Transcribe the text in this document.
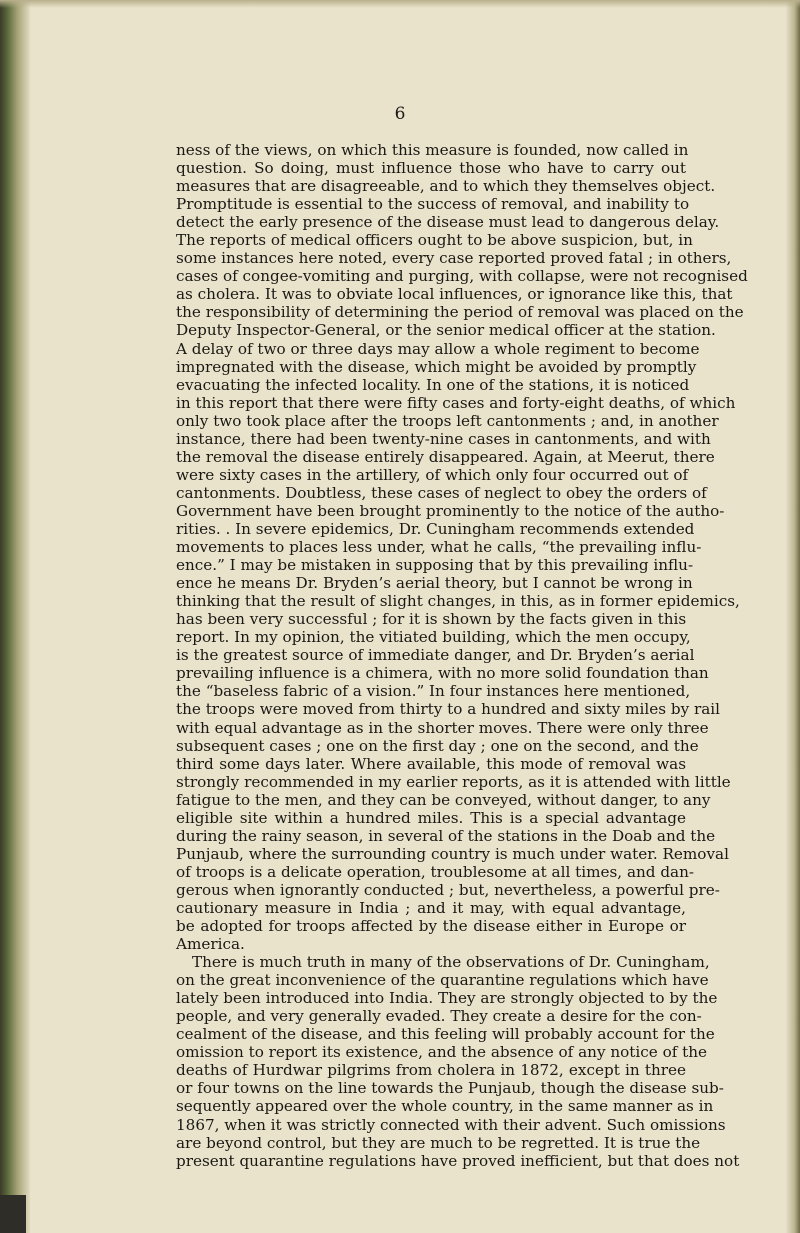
6
ness of the views, on which this measure is founded, now called in
question. So doing, must influence those who have to carry out
measures that are disagreeable, and to which they themselves object.
Promptitude is essential to the success of removal, and inability to
detect the early presence of the disease must lead to dangerous delay.
The reports of medical officers ought to be above suspicion, but, in
some instances here noted, every case reported proved fatal ; in others,
cases of congee-vomiting and purging, with collapse, were not recognised
as cholera. It was to obviate local influences, or ignorance like this, that
the responsibility of determining the period of removal was placed on the
Deputy Inspector-General, or the senior medical officer at the station.
A delay of two or three days may allow a whole regiment to become
impregnated with the disease, which might be avoided by promptly
evacuating the infected locality. In one of the stations, it is noticed
in this report that there were fifty cases and forty-eight deaths, of which
only two took place after the troops left cantonments ; and, in another
instance, there had been twenty-nine cases in cantonments, and with
the removal the disease entirely disappeared. Again, at Meerut, there
were sixty cases in the artillery, of which only four occurred out of
cantonments. Doubtless, these cases of neglect to obey the orders of
Government have been brought prominently to the notice of the autho-
rities. . In severe epidemics, Dr. Cuningham recommends extended
movements to places less under, what he calls, “the prevailing influ-
ence.” I may be mistaken in supposing that by this prevailing influ-
ence he means Dr. Bryden’s aerial theory, but I cannot be wrong in
thinking that the result of slight changes, in this, as in former epidemics,
has been very successful ; for it is shown by the facts given in this
report. In my opinion, the vitiated building, which the men occupy,
is the greatest source of immediate danger, and Dr. Bryden’s aerial
prevailing influence is a chimera, with no more solid foundation than
the “baseless fabric of a vision.” In four instances here mentioned,
the troops were moved from thirty to a hundred and sixty miles by rail
with equal advantage as in the shorter moves. There were only three
subsequent cases ; one on the first day ; one on the second, and the
third some days later. Where available, this mode of removal was
strongly recommended in my earlier reports, as it is attended with little
fatigue to the men, and they can be conveyed, without danger, to any
eligible site within a hundred miles. This is a special advantage
during the rainy season, in several of the stations in the Doab and the
Punjaub, where the surrounding country is much under water. Removal
of troops is a delicate operation, troublesome at all times, and dan-
gerous when ignorantly conducted ; but, nevertheless, a powerful pre-
cautionary measure in India ; and it may, with equal advantage,
be adopted for troops affected by the disease either in Europe or
America.
There is much truth in many of the observations of Dr. Cuningham,
on the great inconvenience of the quarantine regulations which have
lately been introduced into India. They are strongly objected to by the
people, and very generally evaded. They create a desire for the con-
cealment of the disease, and this feeling will probably account for the
omission to report its existence, and the absence of any notice of the
deaths of Hurdwar pilgrims from cholera in 1872, except in three
or four towns on the line towards the Punjaub, though the disease sub-
sequently appeared over the whole country, in the same manner as in
1867, when it was strictly connected with their advent. Such omissions
are beyond control, but they are much to be regretted. It is true the
present quarantine regulations have proved inefficient, but that does not
